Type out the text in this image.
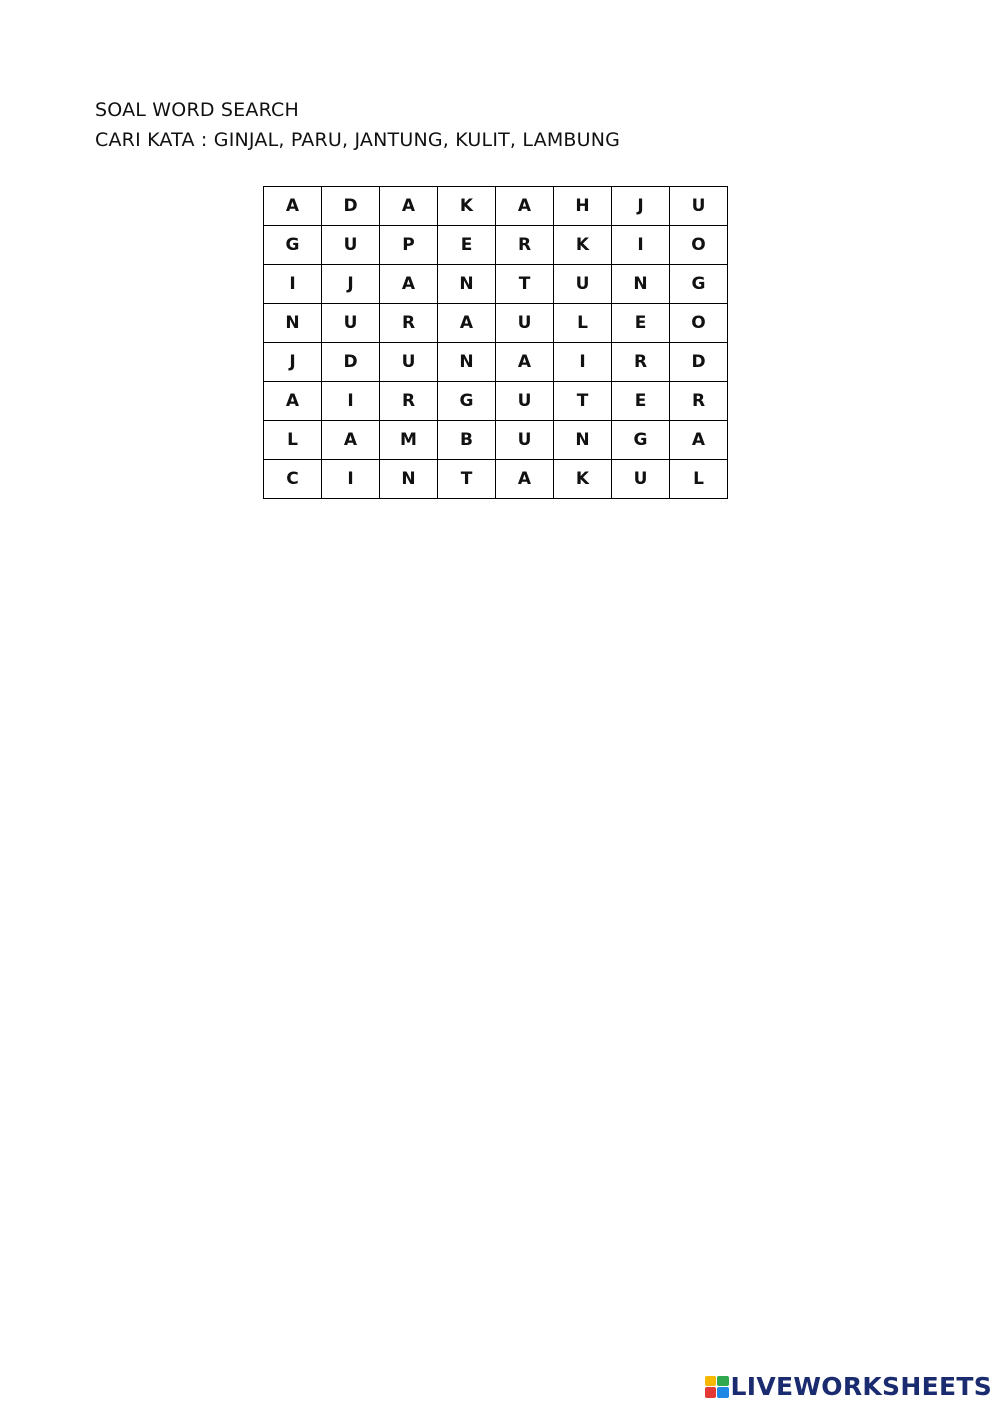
SOAL WORD SEARCH
CARI KATA : GINJAL, PARU, JANTUNG, KULIT, LAMBUNG
A	D	A	K	A	H	J	U
G	U	P	E	R	K	I	O
I	J	A	N	T	U	N	G
N	U	R	A	U	L	E	O
J	D	U	N	A	I	R	D
A	I	R	G	U	T	E	R
L	A	M	B	U	N	G	A
C	I	N	T	A	K	U	L
LIVEWORKSHEETS
